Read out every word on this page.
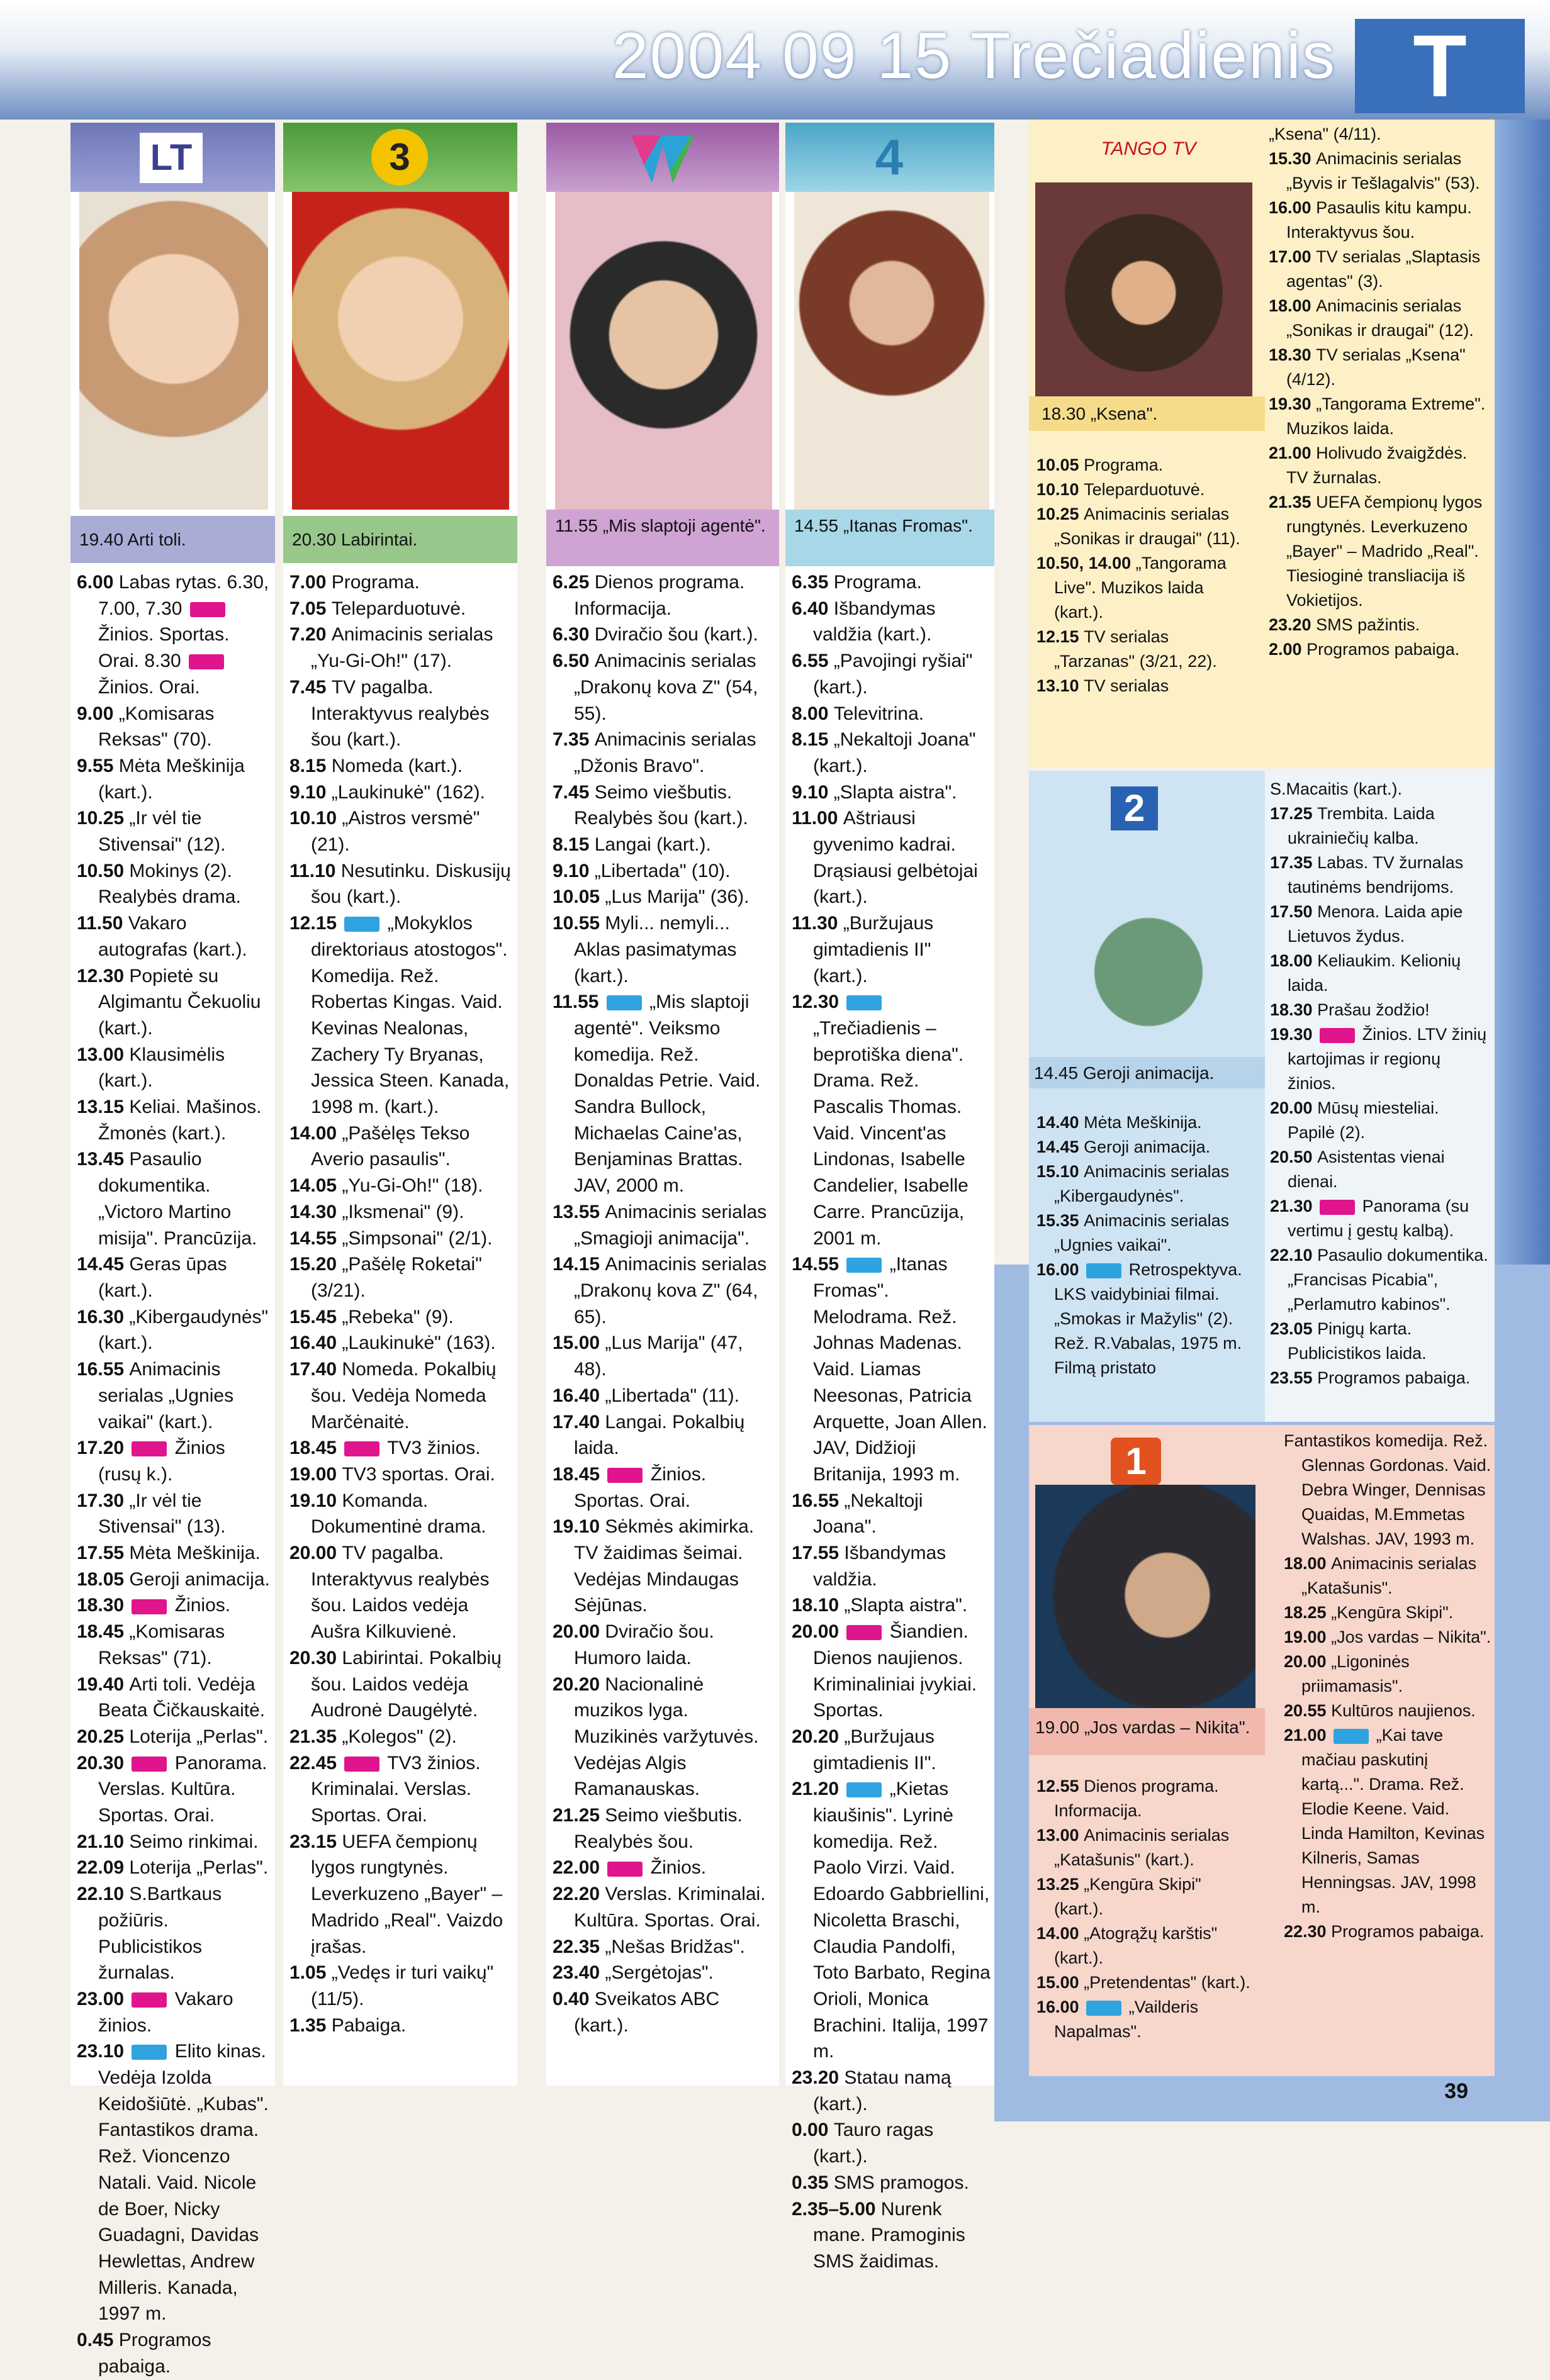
2004 09 15 Trečiadienis T
LT
19.40 Arti toli.

6.00 Labas rytas. 6.30, 7.00, 7.30  Žinios. Sportas. Orai. 8.30  Žinios. Orai.

9.00 „Komisaras Reksas" (70).

9.55 Mėta Meškinija (kart.).

10.25 „Ir vėl tie Stivensai" (12).

10.50 Mokinys (2). Realybės drama.

11.50 Vakaro autografas (kart.).

12.30 Popietė su Algimantu Čekuoliu (kart.).

13.00 Klausimėlis (kart.).

13.15 Keliai. Mašinos. Žmonės (kart.).

13.45 Pasaulio dokumentika. „Victoro Martino misija". Prancūzija.

14.45 Geras ūpas (kart.).

16.30 „Kibergaudynės" (kart.).

16.55 Animacinis serialas „Ugnies vaikai" (kart.).

17.20  Žinios (rusų k.).

17.30 „Ir vėl tie Stivensai" (13).

17.55 Mėta Meškinija.

18.05 Geroji animacija.

18.30  Žinios.

18.45 „Komisaras Reksas" (71).

19.40 Arti toli. Vedėja Beata Čičkauskaitė.

20.25 Loterija „Perlas".

20.30  Panorama. Verslas. Kultūra. Sportas. Orai.

21.10 Seimo rinkimai.

22.09 Loterija „Perlas".

22.10 S.Bartkaus požiūris. Publicistikos žurnalas.

23.00  Vakaro žinios.

23.10  Elito kinas. Vedėja Izolda Keidošiūtė. „Kubas". Fantastikos drama. Rež. Vioncenzo Natali. Vaid. Nicole de Boer, Nicky Guadagni, Davidas Hewlettas, Andrew Milleris. Kanada, 1997 m.

0.45 Programos pabaiga.

3
20.30 Labirintai.

7.00 Programa.

7.05 Teleparduotuvė.

7.20 Animacinis serialas „Yu-Gi-Oh!" (17).

7.45 TV pagalba. Interaktyvus realybės šou (kart.).

8.15 Nomeda (kart.).

9.10 „Laukinukė" (162).

10.10 „Aistros versmė" (21).

11.10 Nesutinku. Diskusijų šou (kart.).

12.15  „Mokyklos direktoriaus atostogos". Komedija. Rež. Robertas Kingas. Vaid. Kevinas Nealonas, Zachery Ty Bryanas, Jessica Steen. Kanada, 1998 m. (kart.).

14.00 „Pašėlęs Tekso Averio pasaulis".

14.05 „Yu-Gi-Oh!" (18).

14.30 „Iksmenai" (9).

14.55 „Simpsonai" (2/1).

15.20 „Pašėlę Roketai" (3/21).

15.45 „Rebeka" (9).

16.40 „Laukinukė" (163).

17.40 Nomeda. Pokalbių šou. Vedėja Nomeda Marčėnaitė.

18.45  TV3 žinios.

19.00 TV3 sportas. Orai.

19.10 Komanda. Dokumentinė drama.

20.00 TV pagalba. Interaktyvus realybės šou. Laidos vedėja Aušra Kilkuvienė.

20.30 Labirintai. Pokalbių šou. Laidos vedėja Audronė Daugėlytė.

21.35 „Kolegos" (2).

22.45  TV3 žinios. Kriminalai. Verslas. Sportas. Orai.

23.15 UEFA čempionų lygos rungtynės. Leverkuzeno „Bayer" – Madrido „Real". Vaizdo įrašas.

1.05 „Vedęs ir turi vaikų" (11/5).

1.35 Pabaiga.

11.55 „Mis slaptoji agentė".

6.25 Dienos programa. Informacija.

6.30 Dviračio šou (kart.).

6.50 Animacinis serialas „Drakonų kova Z" (54, 55).

7.35 Animacinis serialas „Džonis Bravo".

7.45 Seimo viešbutis. Realybės šou (kart.).

8.15 Langai (kart.).

9.10 „Libertada" (10).

10.05 „Lus Marija" (36).

10.55 Myli... nemyli... Aklas pasimatymas (kart.).

11.55  „Mis slaptoji agentė". Veiksmo komedija. Rež. Donaldas Petrie. Vaid. Sandra Bullock, Michaelas Caine'as, Benjaminas Brattas. JAV, 2000 m.

13.55 Animacinis serialas „Smagioji animacija".

14.15 Animacinis serialas „Drakonų kova Z" (64, 65).

15.00 „Lus Marija" (47, 48).

16.40 „Libertada" (11).

17.40 Langai. Pokalbių laida.

18.45  Žinios. Sportas. Orai.

19.10 Sėkmės akimirka. TV žaidimas šeimai. Vedėjas Mindaugas Sėjūnas.

20.00 Dviračio šou. Humoro laida.

20.20 Nacionalinė muzikos lyga. Muzikinės varžytuvės. Vedėjas Algis Ramanauskas.

21.25 Seimo viešbutis. Realybės šou.

22.00  Žinios.

22.20 Verslas. Kriminalai. Kultūra. Sportas. Orai.

22.35 „Nešas Bridžas".

23.40 „Sergėtojas".

0.40 Sveikatos ABC (kart.).

4
14.55 „Itanas Fromas".

6.35 Programa.

6.40 Išbandymas valdžia (kart.).

6.55 „Pavojingi ryšiai" (kart.).

8.00 Televitrina.

8.15 „Nekaltoji Joana" (kart.).

9.10 „Slapta aistra".

11.00 Aštriausi gyvenimo kadrai. Drąsiausi gelbėtojai (kart.).

11.30 „Buržujaus gimtadienis II" (kart.).

12.30  „Trečiadienis – beprotiška diena". Drama. Rež. Pascalis Thomas. Vaid. Vincent'as Lindonas, Isabelle Candelier, Isabelle Carre. Prancūzija, 2001 m.

14.55  „Itanas Fromas". Melodrama. Rež. Johnas Madenas. Vaid. Liamas Neesonas, Patricia Arquette, Joan Allen. JAV, Didžioji Britanija, 1993 m.

16.55 „Nekaltoji Joana".

17.55 Išbandymas valdžia.

18.10 „Slapta aistra".

20.00  Šiandien. Dienos naujienos. Kriminaliniai įvykiai. Sportas.

20.20 „Buržujaus gimtadienis II".

21.20  „Kietas kiaušinis". Lyrinė komedija. Rež. Paolo Virzi. Vaid. Edoardo Gabbriellini, Nicoletta Braschi, Claudia Pandolfi, Toto Barbato, Regina Orioli, Monica Brachini. Italija, 1997 m.

23.20 Statau namą (kart.).

0.00 Tauro ragas (kart.).

0.35 SMS pramogos.

2.35–5.00 Nurenk mane. Pramoginis SMS žaidimas.

TANGO TV
18.30 „Ksena".

10.05 Programa.

10.10 Teleparduotuvė.

10.25 Animacinis serialas „Sonikas ir draugai" (11).

10.50, 14.00 „Tangorama Live". Muzikos laida (kart.).

12.15 TV serialas „Tarzanas" (3/21, 22).

13.10 TV serialas

„Ksena" (4/11).

15.30 Animacinis serialas „Byvis ir Tešlagalvis" (53).

16.00 Pasaulis kitu kampu. Interaktyvus šou.

17.00 TV serialas „Slaptasis agentas" (3).

18.00 Animacinis serialas „Sonikas ir draugai" (12).

18.30 TV serialas „Ksena" (4/12).

19.30 „Tangorama Extreme". Muzikos laida.

21.00 Holivudo žvaigždės. TV žurnalas.

21.35 UEFA čempionų lygos rungtynės. Leverkuzeno „Bayer" – Madrido „Real". Tiesioginė transliacija iš Vokietijos.

23.20 SMS pažintis.

2.00 Programos pabaiga.

2
14.45 Geroji animacija.

14.40 Mėta Meškinija.

14.45 Geroji animacija.

15.10 Animacinis serialas „Kibergaudynės".

15.35 Animacinis serialas „Ugnies vaikai".

16.00  Retrospektyva. LKS vaidybiniai filmai. „Smokas ir Mažylis" (2). Rež. R.Vabalas, 1975 m. Filmą pristato

S.Macaitis (kart.).

17.25 Trembita. Laida ukrainiečių kalba.

17.35 Labas. TV žurnalas tautinėms bendrijoms.

17.50 Menora. Laida apie Lietuvos žydus.

18.00 Keliaukim. Kelionių laida.

18.30 Prašau žodžio!

19.30  Žinios. LTV žinių kartojimas ir regionų žinios.

20.00 Mūsų miesteliai. Papilė (2).

20.50 Asistentas vienai dienai.

21.30  Panorama (su vertimu į gestų kalbą).

22.10 Pasaulio dokumentika. „Francisas Picabia", „Perlamutro kabinos".

23.05 Pinigų karta. Publicistikos laida.

23.55 Programos pabaiga.

1
19.00 „Jos vardas – Nikita".

12.55 Dienos programa. Informacija.

13.00 Animacinis serialas „Katašunis" (kart.).

13.25 „Kengūra Skipi" (kart.).

14.00 „Atogrąžų karštis" (kart.).

15.00 „Pretendentas" (kart.).

16.00  „Vailderis Napalmas".

Fantastikos komedija. Rež. Glennas Gordonas. Vaid. Debra Winger, Dennisas Quaidas, M.Emmetas Walshas. JAV, 1993 m.

18.00 Animacinis serialas „Katašunis".

18.25 „Kengūra Skipi".

19.00 „Jos vardas – Nikita".

20.00 „Ligoninės priimamasis".

20.55 Kultūros naujienos.

21.00  „Kai tave mačiau paskutinį kartą...". Drama. Rež. Elodie Keene. Vaid. Linda Hamilton, Kevinas Kilneris, Samas Henningsas. JAV, 1998 m.

22.30 Programos pabaiga.

39
